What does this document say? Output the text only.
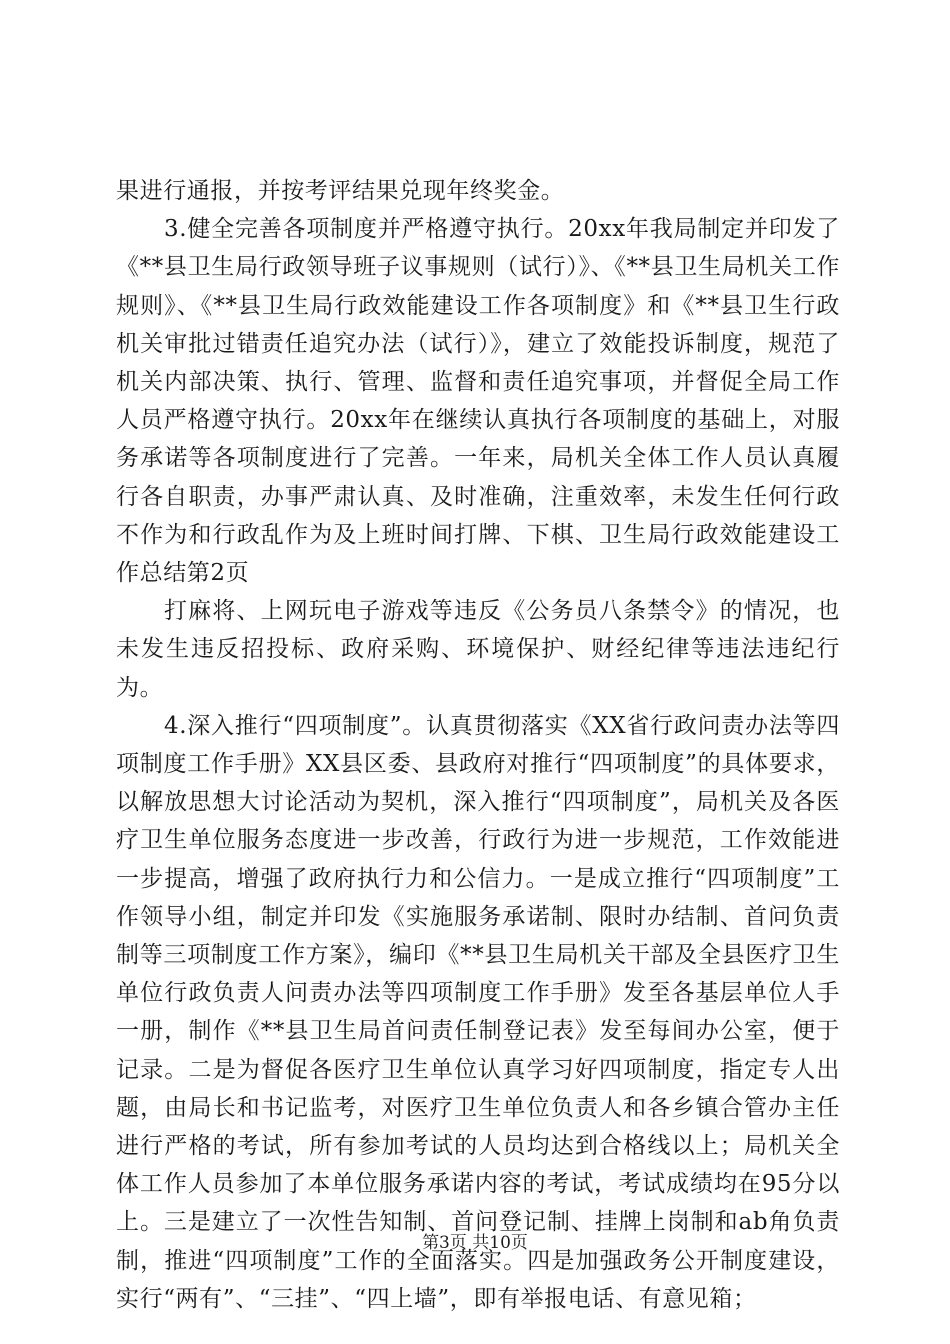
果进行通报，并按考评结果兑现年终奖金。

3.健全完善各项制度并严格遵守执行。20xx年我局制定并印发了《**县卫生局行政领导班子议事规则（试行）》、《**县卫生局机关工作规则》、《**县卫生局行政效能建设工作各项制度》和《**县卫生行政机关审批过错责任追究办法（试行）》，建立了效能投诉制度，规范了机关内部决策、执行、管理、监督和责任追究事项，并督促全局工作人员严格遵守执行。20xx年在继续认真执行各项制度的基础上，对服务承诺等各项制度进行了完善。一年来，局机关全体工作人员认真履行各自职责，办事严肃认真、及时准确，注重效率，未发生任何行政不作为和行政乱作为及上班时间打牌、下棋、卫生局行政效能建设工作总结第2页

打麻将、上网玩电子游戏等违反《公务员八条禁令》的情况，也未发生违反招投标、政府采购、环境保护、财经纪律等违法违纪行为。

4.深入推行“四项制度”。认真贯彻落实《XX省行政问责办法等四项制度工作手册》XX县区委、县政府对推行“四项制度”的具体要求，以解放思想大讨论活动为契机，深入推行“四项制度”，局机关及各医疗卫生单位服务态度进一步改善，行政行为进一步规范，工作效能进一步提高，增强了政府执行力和公信力。一是成立推行“四项制度”工作领导小组，制定并印发《实施服务承诺制、限时办结制、首问负责制等三项制度工作方案》，编印《**县卫生局机关干部及全县医疗卫生单位行政负责人问责办法等四项制度工作手册》发至各基层单位人手一册，制作《**县卫生局首问责任制登记表》发至每间办公室，便于记录。二是为督促各医疗卫生单位认真学习好四项制度，指定专人出题，由局长和书记监考，对医疗卫生单位负责人和各乡镇合管办主任进行严格的考试，所有参加考试的人员均达到合格线以上；局机关全体工作人员参加了本单位服务承诺内容的考试，考试成绩均在95分以上。三是建立了一次性告知制、首问登记制、挂牌上岗制和ab角负责制，推进“四项制度”工作的全面落实。四是加强政务公开制度建设，实行“两有”、“三挂”、“四上墙”，即有举报电话、有意见箱；

第3页 共10页
